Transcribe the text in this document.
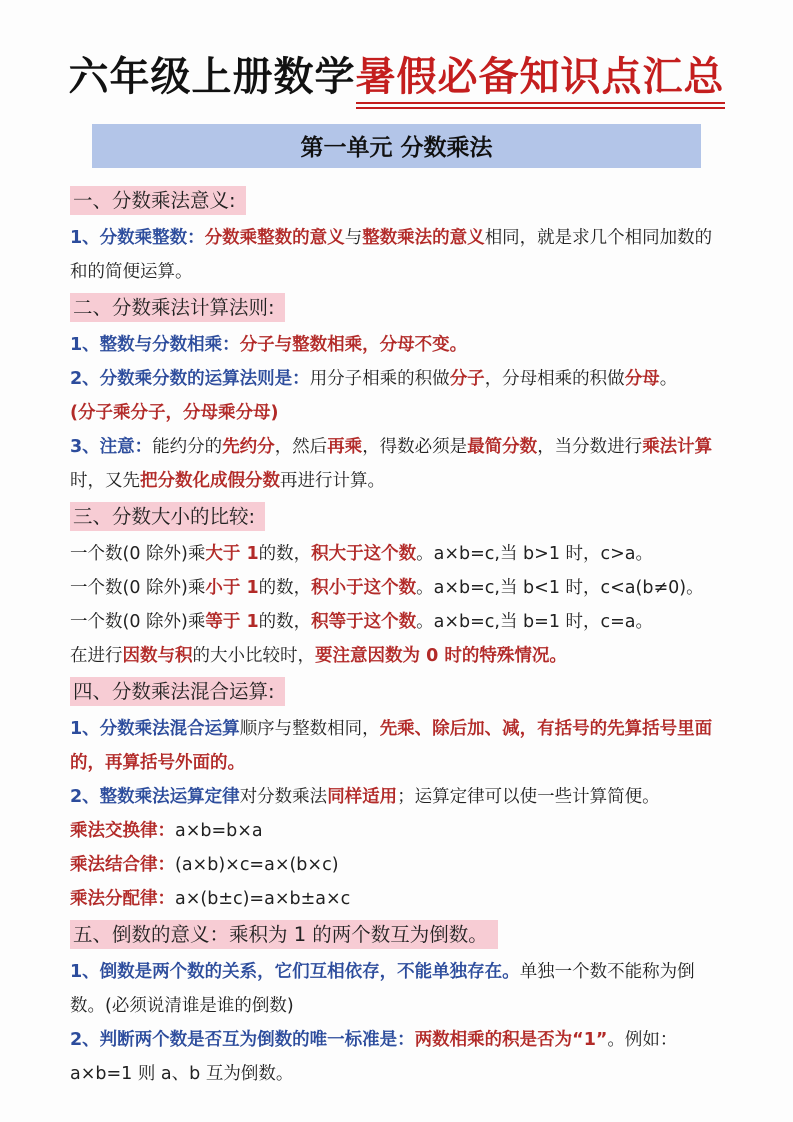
六年级上册数学暑假必备知识点汇总
第一单元 分数乘法

一、分数乘法意义:

1、分数乘整数：分数乘整数的意义与整数乘法的意义相同，就是求几个相同加数的和的简便运算。

二、分数乘法计算法则:

1、整数与分数相乘：分子与整数相乘，分母不变。

2、分数乘分数的运算法则是：用分子相乘的积做分子，分母相乘的积做分母。

(分子乘分子，分母乘分母)

3、注意：能约分的先约分，然后再乘，得数必须是最简分数，当分数进行乘法计算时，又先把分数化成假分数再进行计算。

三、分数大小的比较:

一个数(0 除外)乘大于 1的数，积大于这个数。a×b=c,当 b>1 时，c>a。

一个数(0 除外)乘小于 1的数，积小于这个数。a×b=c,当 b<1 时，c<a(b≠0)。

一个数(0 除外)乘等于 1的数，积等于这个数。a×b=c,当 b=1 时，c=a。

在进行因数与积的大小比较时，要注意因数为 0 时的特殊情况。

四、分数乘法混合运算:

1、分数乘法混合运算顺序与整数相同，先乘、除后加、减，有括号的先算括号里面的，再算括号外面的。

2、整数乘法运算定律对分数乘法同样适用；运算定律可以使一些计算简便。

乘法交换律：a×b=b×a

乘法结合律：(a×b)×c=a×(b×c)

乘法分配律：a×(b±c)=a×b±a×c

五、倒数的意义：乘积为 1 的两个数互为倒数。

1、倒数是两个数的关系，它们互相依存，不能单独存在。单独一个数不能称为倒数。(必须说清谁是谁的倒数)

2、判断两个数是否互为倒数的唯一标准是：两数相乘的积是否为“1”。例如：

a×b=1 则 a、b 互为倒数。
